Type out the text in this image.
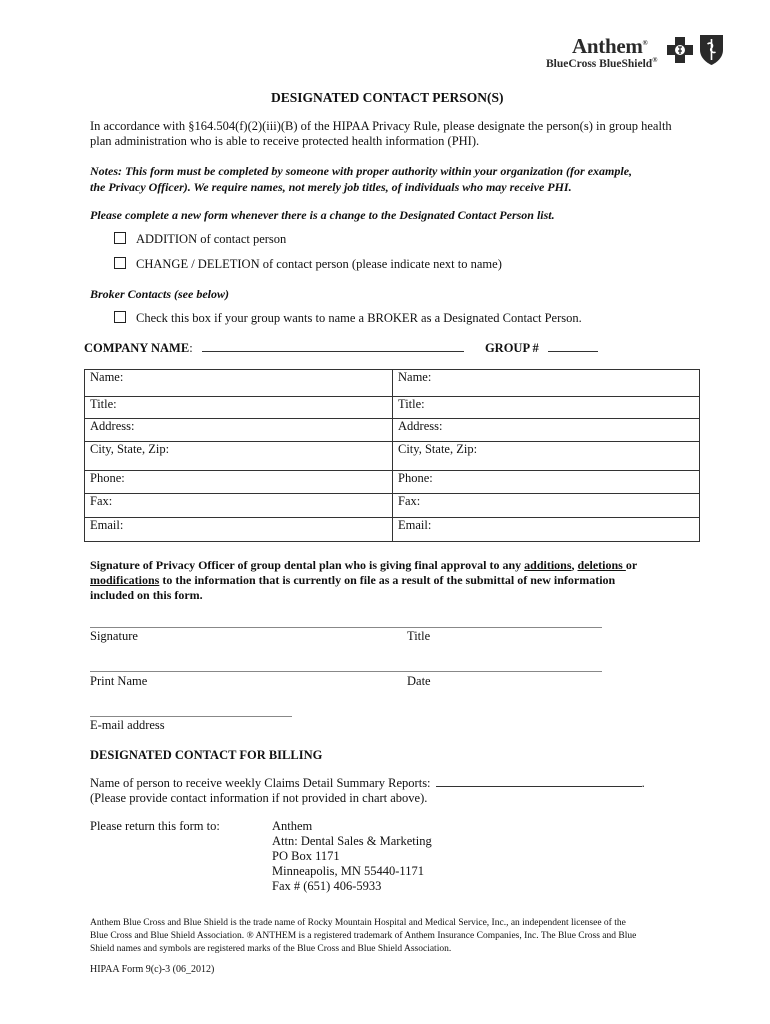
Anthem®
BlueCross BlueShield®
DESIGNATED CONTACT PERSON(S)
In accordance with §164.504(f)(2)(iii)(B) of the HIPAA Privacy Rule, please designate the person(s) in group health
plan administration who is able to receive protected health information (PHI).
Notes: This form must be completed by someone with proper authority within your organization (for example,
the Privacy Officer). We require names, not merely job titles, of individuals who may receive PHI.
Please complete a new form whenever there is a change to the Designated Contact Person list.
ADDITION of contact person
CHANGE / DELETION of contact person (please indicate next to name)
Broker Contacts (see below)
Check this box if your group wants to name a BROKER as a Designated Contact Person.
COMPANY NAME:	GROUP #
Name:	Name:
Title:	Title:
Address:	Address:
City, State, Zip:	City, State, Zip:
Phone:	Phone:
Fax:	Fax:
Email:	Email:
Signature of Privacy Officer of group dental plan who is giving final approval to any additions, deletions or
modifications to the information that is currently on file as a result of the submittal of new information
included on this form.
Signature	Title
Print Name	Date
E-mail address
DESIGNATED CONTACT FOR BILLING
Name of person to receive weekly Claims Detail Summary Reports:	.
(Please provide contact information if not provided in chart above).
Please return this form to:	Anthem
Attn: Dental Sales & Marketing
PO Box 1171
Minneapolis, MN 55440-1171
Fax # (651) 406-5933
Anthem Blue Cross and Blue Shield is the trade name of Rocky Mountain Hospital and Medical Service, Inc., an independent licensee of the
Blue Cross and Blue Shield Association. ® ANTHEM is a registered trademark of Anthem Insurance Companies, Inc. The Blue Cross and Blue
Shield names and symbols are registered marks of the Blue Cross and Blue Shield Association.
HIPAA Form 9(c)-3 (06_2012)
